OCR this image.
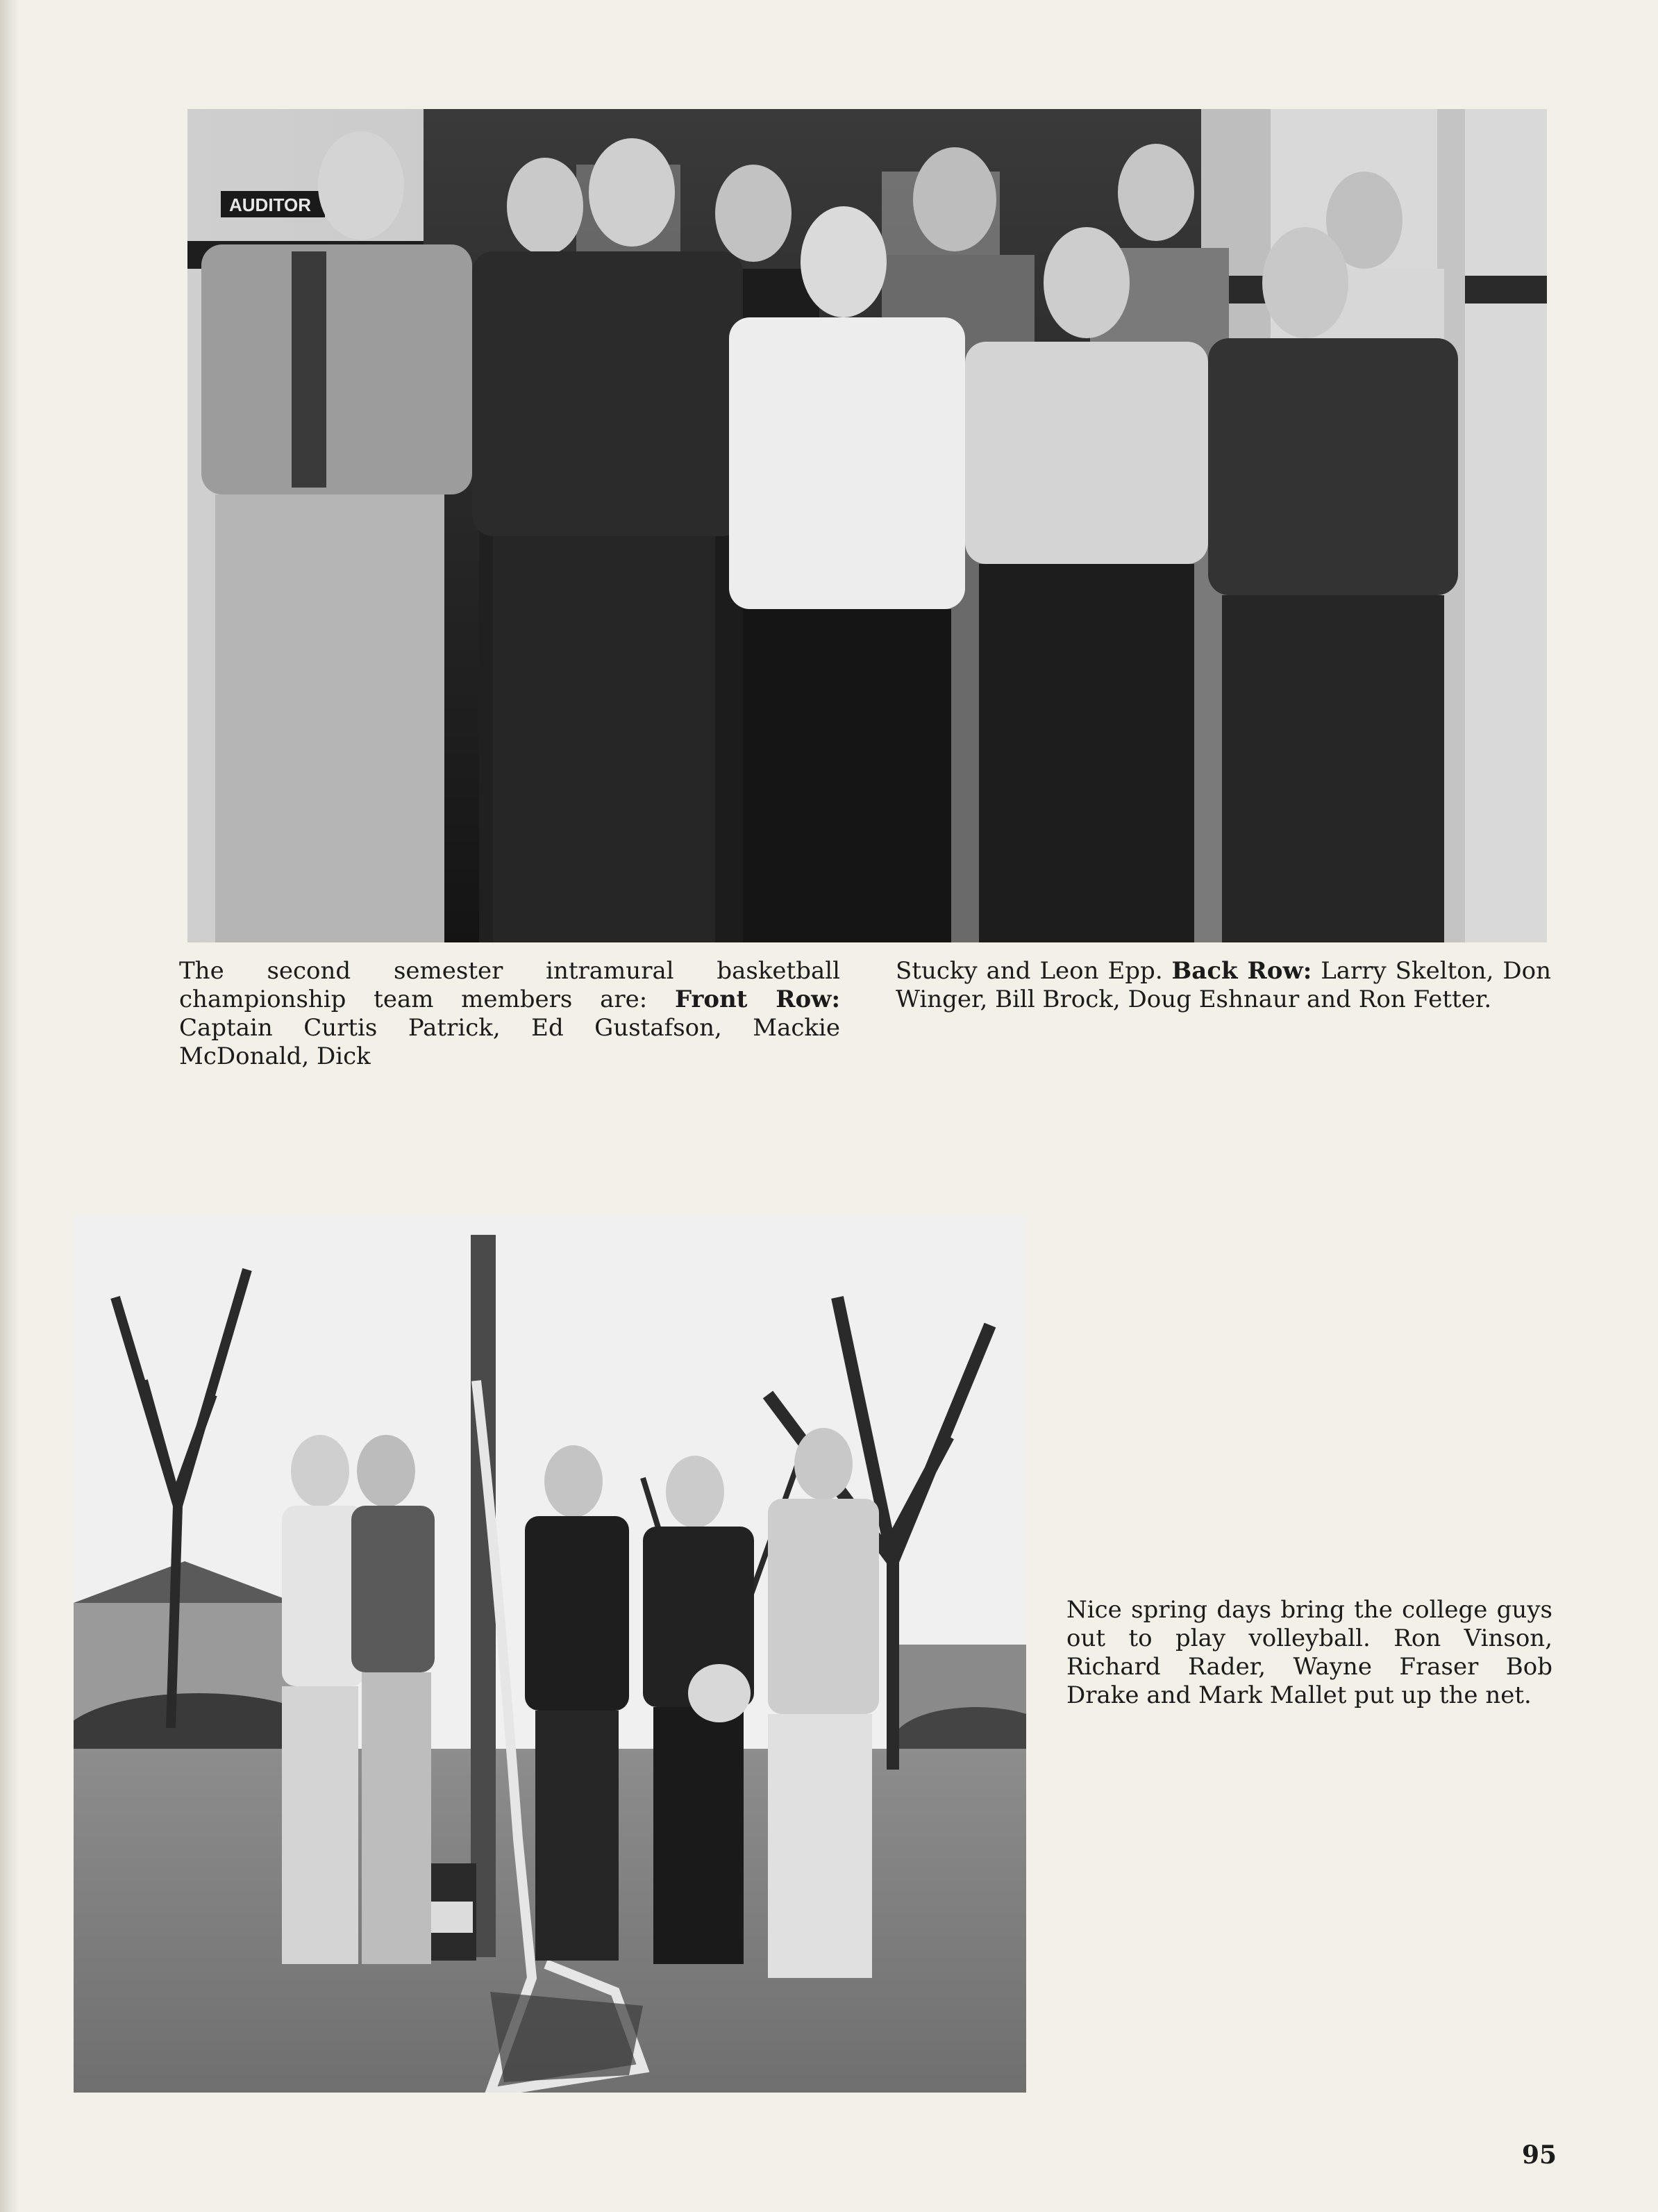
AUDITOR

The second semester intramural basketball championship team members are: Front Row: Captain Curtis Patrick, Ed Gustafson, Mackie McDonald, Dick

Stucky and Leon Epp. Back Row: Larry Skelton, Don Winger, Bill Brock, Doug Eshnaur and Ron Fetter.

Nice spring days bring the college guys out to play volleyball. Ron Vinson, Richard Rader, Wayne Fraser Bob Drake and Mark Mallet put up the net.

95
